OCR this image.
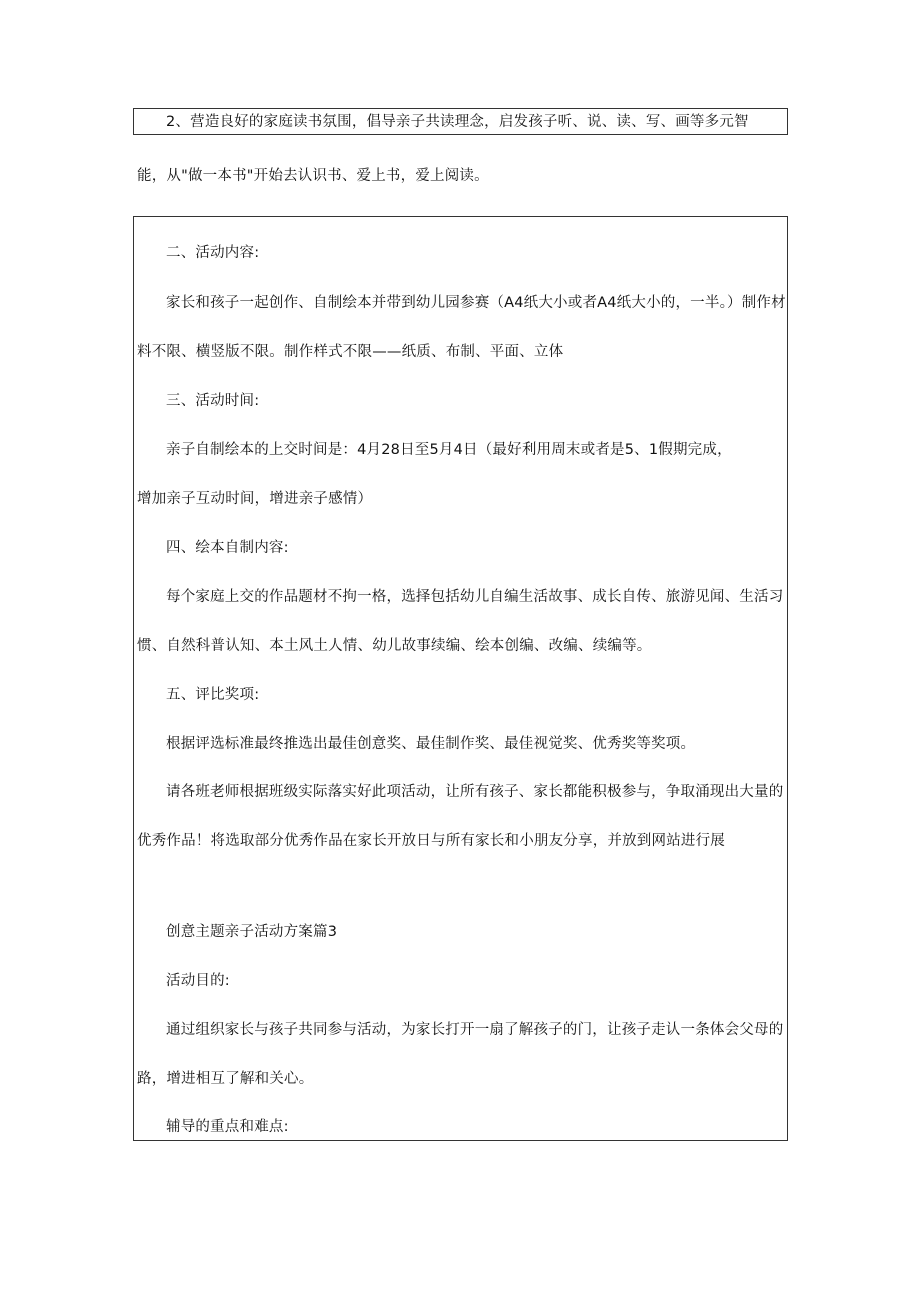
2、营造良好的家庭读书氛围，倡导亲子共读理念，启发孩子听、说、读、写、画等多元智
能，从"做一本书"开始去认识书、爱上书，爱上阅读。
二、活动内容:
家长和孩子一起创作、自制绘本并带到幼儿园参赛（A4纸大小或者A4纸大小的，一半。）制作材
料不限、横竖版不限。制作样式不限——纸质、布制、平面、立体
三、活动时间:
亲子自制绘本的上交时间是：4月28日至5月4日（最好利用周末或者是5、1假期完成，
增加亲子互动时间，增进亲子感情）
四、绘本自制内容:
每个家庭上交的作品题材不拘一格，选择包括幼儿自编生活故事、成长自传、旅游见闻、生活习
惯、自然科普认知、本土风土人情、幼儿故事续编、绘本创编、改编、续编等。
五、评比奖项:
根据评选标准最终推选出最佳创意奖、最佳制作奖、最佳视觉奖、优秀奖等奖项。
请各班老师根据班级实际落实好此项活动，让所有孩子、家长都能积极参与，争取涌现出大量的
优秀作品！将选取部分优秀作品在家长开放日与所有家长和小朋友分享，并放到网站进行展
创意主题亲子活动方案篇3
活动目的:
通过组织家长与孩子共同参与活动，为家长打开一扇了解孩子的门，让孩子走认一条体会父母的
路，增进相互了解和关心。
辅导的重点和难点:
